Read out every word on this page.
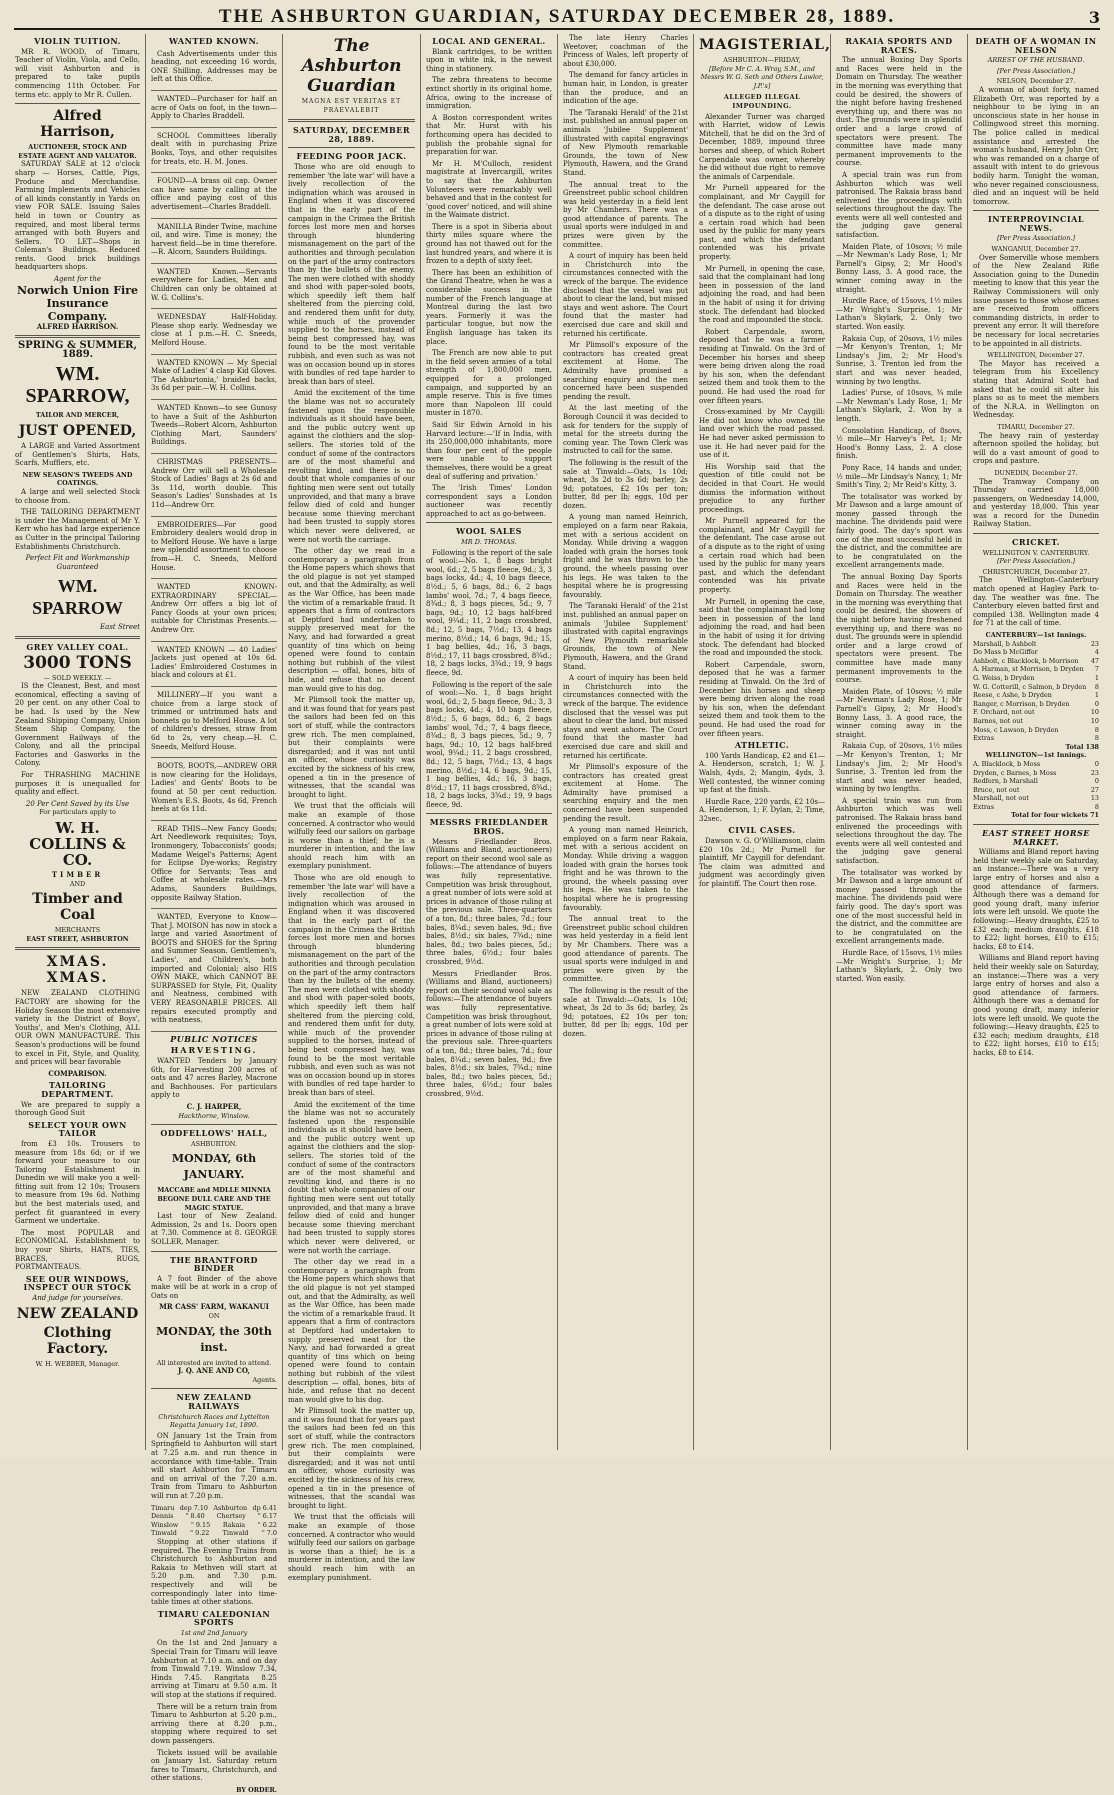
THE ASHBURTON GUARDIAN, SATURDAY DECEMBER 28, 1889.	3
VIOLIN TUITION.

MR R. WOOD, of Timaru, Teacher of Violin, Viola, and Cello, will visit Ashburton and is prepared to take pupils commencing 11th October. For terms etc. apply to Mr R. Cullen.

Alfred Harrison,
AUCTIONEER, STOCK AND ESTATE AGENT AND VALUATOR.

SATURDAY SALE at 12 o'clock sharp — Horses, Cattle, Pigs, Produce and Merchandise. Farming Implements and Vehicles of all kinds constantly in Yards on view FOR SALE. Issuing Sales held in town or Country as required, and most liberal terms arranged with both Buyers and Sellers. TO LET—Shops in Coleman's Buildings. Reduced rents. Good brick buildings headquarters shops.

Agent for the
Norwich Union Fire Insurance Company.
ALFRED HARRISON.
SPRING & SUMMER, 1889.
WM. SPARROW,
TAILOR AND MERCER,
JUST OPENED,

A LARGE and Varied Assortment of Gentlemen's Shirts, Hats, Scarfs, Mufflers, etc.

NEW SEASON'S TWEEDS AND COATINGS.

A large and well selected Stock to choose from.

THE TAILORING DEPARTMENT is under the Management of Mr Y. Kerr who has had large experience as Cutter in the principal Tailoring Establishments Christchurch.

Perfect Fit and Workmanship Guaranteed
WM. SPARROW
East Street
GREY VALLEY COAL.
3000 TONS
— SOLD WEEKLY. —

IS the Cleanest, Best, and most economical, effecting a saving of 20 per cent. on any other Coal to be had. Is used by the New Zealand Shipping Company, Union Steam Ship Company, the Government Railways of the Colony, and all the principal Factories and Gasworks in the Colony.

For THRASHING MACHINE purposes it is unequalled for quality and effect.

20 Per Cent Saved by its Use
For particulars apply to
W. H. COLLINS & CO.
TIMBER
AND
Timber and Coal
MERCHANTS
EAST STREET, ASHBURTON
XMAS. XMAS.

NEW ZEALAND CLOTHING FACTORY are showing for the Holiday Season the most extensive variety in the District of Boys', Youths', and Men's Clothing, ALL OUR OWN MANUFACTURE. This Season's productions will be found to excel in Fit, Style, and Quality, and prices will bear favorable

COMPARISON.
TAILORING DEPARTMENT.

We are prepared to supply a thorough Good Suit

SELECT YOUR OWN TAILOR

from £3 10s. Trousers to measure from 18s 6d; or if we forward your measure to our Tailoring Establishment in Dunedin we will make you a well-fitting suit from 12 10s; Trousers to measure from 19s 6d. Nothing but the best materials used, and perfect fit guaranteed in every Garment we undertake.

The most POPULAR and ECONOMICAL Establishment to buy your Shirts, HATS, TIES, BRACES, RUGS, PORTMANTEAUS.

SEE OUR WINDOWS, INSPECT OUR STOCK
And judge for yourselves.
NEW ZEALAND
Clothing Factory.
W. H. WEBBER, Manager.
WANTED KNOWN.

Cash Advertisements under this heading, not exceeding 16 words, ONE Shilling. Addresses may be left at this Office.

WANTED—Purchaser for half an acre of Oats on foot, in the town—Apply to Charles Braddell.

SCHOOL Committees liberally dealt with in purchasing Prize Books, Toys, and other requisites for treats, etc. H. M. Jones.

FOUND—A brass oil cap. Owner can have same by calling at the office and paying cost of this advertisement—Charles Braddell.

MANILLA Binder Twine, machine oil, and wire. Time is money; the harvest field—be in time therefore. —R. Alcorn, Saunders Buildings.

WANTED Known.—Servants everywhere for Ladies, Men and Children can only be obtained at W. G. Collins's.

WEDNESDAY Half-Holiday. Please shop early. Wednesday we close at 1 p.m.—H. C. Sneeds, Melford House.

WANTED KNOWN — My Special Make of Ladies' 4 clasp Kid Gloves. 'The Ashburtonia,' braided backs, 3s 6d per pair.—W. H. Collins.

WANTED Known—to see Gunosy to have a Suit of the Ashburton Tweeds—Robert Alcorn, Ashburton Clothing Mart, Saunders' Buildings.

CHRISTMAS PRESENTS—Andrew Orr will sell a Wholesale Stock of Ladies' Bags at 2s 6d and 3s 11d, worth double. This Season's Ladies' Sunshades at 1s 11d—Andrew Orr.

EMBROIDERIES—For good Embroidery dealers would drop in to Melford House. We have a large new splendid assortment to choose from—H. C. Sneeds, Melford House.

WANTED KNOWN-EXTRAORDINARY SPECIAL—Andrew Orr offers a big lot of Fancy Goods at your own prices; suitable for Christmas Presents.—Andrew Orr.

WANTED KNOWN — 40 Ladies' Jackets just opened at 10s 6d. Ladies' Embroidered Costumes in black and colours at £1.

MILLINERY—If you want a choice from a large stock of trimmed or untrimmed hats and bonnets go to Melford House. A lot of children's dresses, straw from 6d to 2s, very cheap.—H. C. Sneeds, Melford House.

BOOTS, BOOTS,—ANDREW ORR is now clearing for the Holidays, Ladies' and Gents' Boots to be found at 50 per cent reduction. Women's E.S. Boots, 4s 6d, French heels at 6s 11d.

READ THIS—New Fancy Goods; Art Needlework requisites; Toys, Ironmongery, Tobacconists' goods; Madame Weigel's Patterns; Agent for Eclipse Dye-works; Registry Office for Servants; Teas and Coffee at wholesale rates.—Mrs Adams, Saunders Buildings, opposite Railway Station.

WANTED, Everyone to Know—That J. MOISON has now in stock a large and varied Assortment of BOOTS and SHOES for the Spring and Summer Season. Gentlemen's, Ladies', and Children's, both imported and Colonial; also HIS OWN MAKE, which CANNOT BE SURPASSED for Style, Fit, Quality and Neatness, combined with VERY REASONABLE PRICES. All repairs executed promptly and with neatness.

PUBLIC NOTICES
HARVESTING.

WANTED Tenders by January 6th, for Harvesting 200 acres of oats and 47 acres Barley, Macrone and Bachhouses. For particulars apply to

C. J. HARPER,
Hackthorne, Winslow.
ODDFELLOWS' HALL,
ASHBURTON.
MONDAY, 6th JANUARY.
MACCABE and MDLLE MINNIA
BEGONE DULL CARE AND THE MAGIC STATUE.

Last tour of New Zealand. Admission, 2s and 1s. Doors open at 7.30. Commence at 8. GEORGE SOLLER, Manager.

THE BRANTFORD BINDER

A 7 foot Binder of the above make will be at work in a crop of Oats on

MR CASS' FARM, WAKANUI
ON
MONDAY, the 30th inst.
All interested are invited to attend.
J. Q. ANE AND CO,
Agents.
NEW ZEALAND RAILWAYS
Christchurch Races and Lyttelton Regatta January 1st, 1890.

ON January 1st the Train from Springfield to Ashburton will start at 7.25 a.m. and run thence in accordance with time-table. Train will start Ashburton for Timaru and on arrival of the 7.20 a.m. Train from Timaru to Ashburton will run at 7.20 p.m.

Timaru dep 7.10 Ashburton dp 6.41
Dennis " 8.40 Chertsey " 6.17
Winslow " 9.15 Rakaia " 6.22
Tinwald " 9.22 Tinwald " 7.0

Stopping at other stations if required. The Evening Trains from Christchurch to Ashburton and Rakaia to Methven will start at 5.20 p.m. and 7.30 p.m. respectively and will be correspondingly later into time-table times at other stations.

TIMARU CALEDONIAN SPORTS
1st and 2nd January

On the 1st and 2nd January a Special Train for Timaru will leave Ashburton at 7.10 a.m. and on day from Tinwald 7.19. Winslow 7.34, Hinds 7.45. Rangitata 8.25 arriving at Timaru at 9.50 a.m. It will stop at the stations if required.

There will be a return train from Timaru to Ashburton at 5.20 p.m., arriving there at 8.20 p.m., stopping where required to set down passengers.

Tickets issued will be available on January 1st. Saturday return fares to Timaru, Christchurch, and other stations.

BY ORDER.
The Ashburton Guardian
MAGNA EST VERITAS ET PRAEVALEBIT
SATURDAY, DECEMBER 28, 1889.
FEEDING POOR JACK.

Those who are old enough to remember 'the late war' will have a lively recollection of the indignation which was aroused in England when it was discovered that in the early part of the campaign in the Crimea the British forces lost more men and horses through blundering mismanagement on the part of the authorities and through peculation on the part of the army contractors than by the bullets of the enemy. The men were clothed with shoddy and shod with paper-soled boots, which speedily left them half sheltered from the piercing cold, and rendered them unfit for duty, while much of the provender supplied to the horses, instead of being best compressed hay, was found to be the most veritable rubbish, and even such as was not was on occasion bound up in stores with bundles of red tape harder to break than bars of steel.

Amid the excitement of the time the blame was not so accurately fastened upon the responsible individuals as it should have been, and the public outcry went up against the clothiers and the slop-sellers. The stories told of the conduct of some of the contractors are of the most shameful and revolting kind, and there is no doubt that whole companies of our fighting men were sent out totally unprovided, and that many a brave fellow died of cold and hunger because some thieving merchant had been trusted to supply stores which never were delivered, or were not worth the carriage.

The other day we read in a contemporary a paragraph from the Home papers which shows that the old plague is not yet stamped out, and that the Admiralty, as well as the War Office, has been made the victim of a remarkable fraud. It appears that a firm of contractors at Deptford had undertaken to supply preserved meat for the Navy, and had forwarded a great quantity of tins which on being opened were found to contain nothing but rubbish of the vilest description — offal, bones, bits of hide, and refuse that no decent man would give to his dog.

Mr Plimsoll took the matter up, and it was found that for years past the sailors had been fed on this sort of stuff, while the contractors grew rich. The men complained, but their complaints were disregarded; and it was not until an officer, whose curiosity was excited by the sickness of his crew, opened a tin in the presence of witnesses, that the scandal was brought to light.

We trust that the officials will make an example of those concerned. A contractor who would wilfully feed our sailors on garbage is worse than a thief; he is a murderer in intention, and the law should reach him with an exemplary punishment.

Those who are old enough to remember 'the late war' will have a lively recollection of the indignation which was aroused in England when it was discovered that in the early part of the campaign in the Crimea the British forces lost more men and horses through blundering mismanagement on the part of the authorities and through peculation on the part of the army contractors than by the bullets of the enemy. The men were clothed with shoddy and shod with paper-soled boots, which speedily left them half sheltered from the piercing cold, and rendered them unfit for duty, while much of the provender supplied to the horses, instead of being best compressed hay, was found to be the most veritable rubbish, and even such as was not was on occasion bound up in stores with bundles of red tape harder to break than bars of steel.

Amid the excitement of the time the blame was not so accurately fastened upon the responsible individuals as it should have been, and the public outcry went up against the clothiers and the slop-sellers. The stories told of the conduct of some of the contractors are of the most shameful and revolting kind, and there is no doubt that whole companies of our fighting men were sent out totally unprovided, and that many a brave fellow died of cold and hunger because some thieving merchant had been trusted to supply stores which never were delivered, or were not worth the carriage.

The other day we read in a contemporary a paragraph from the Home papers which shows that the old plague is not yet stamped out, and that the Admiralty, as well as the War Office, has been made the victim of a remarkable fraud. It appears that a firm of contractors at Deptford had undertaken to supply preserved meat for the Navy, and had forwarded a great quantity of tins which on being opened were found to contain nothing but rubbish of the vilest description — offal, bones, bits of hide, and refuse that no decent man would give to his dog.

Mr Plimsoll took the matter up, and it was found that for years past the sailors had been fed on this sort of stuff, while the contractors grew rich. The men complained, but their complaints were disregarded; and it was not until an officer, whose curiosity was excited by the sickness of his crew, opened a tin in the presence of witnesses, that the scandal was brought to light.

We trust that the officials will make an example of those concerned. A contractor who would wilfully feed our sailors on garbage is worse than a thief; he is a murderer in intention, and the law should reach him with an exemplary punishment.

LOCAL AND GENERAL.

Blank cartridges, to be written upon in white ink, is the newest thing in stationery.

The zebra threatens to become extinct shortly in its original home, Africa, owing to the increase of immigration.

A Boston correspondent writes that Mr. Hurst with his forthcoming opera has decided to publish the probable signal for preparation for war.

Mr H. M'Culloch, resident magistrate at Invercargill, writes to say that the Ashburton Volunteers were remarkably well behaved and that in the contest for 'good cover' noticed, and will shine in the Waimate district.

There is a spot in Siberia about thirty miles square where the ground has not thawed out for the last hundred years, and where it is frozen to a depth of sixty feet.

There has been an exhibition of the Grand Theatre, when he was a considerable success in the number of the French language at Montreal during the last two years. Formerly it was the particular tongue, but now the English language has taken its place.

The French are now able to put in the field seven armies of a total strength of 1,800,000 men, equipped for a prolonged campaign, and supported by an ample reserve. This is five times more than Napoleon III could muster in 1870.

Said Sir Edwin Arnold in his Harvard lecture:—'If in India, with its 250,000,000 inhabitants, more than four per cent of the people were unable to support themselves, there would be a great deal of suffering and privation.'

The 'Irish Times' London correspondent says a London auctioneer was recently approached to act as go-between.

WOOL SALES
MR D. THOMAS.

Following is the report of the sale of wool:—No. 1, 8 bags bright wool, 6d.; 2, 5 bags fleece, 9d.; 3, 3 bags locks, 4d.; 4, 10 bags fleece, 8½d.; 5, 6 bags, 8d.; 6, 2 bags lambs' wool, 7d.; 7, 4 bags fleece, 8¾d.; 8, 3 bags pieces, 5d.; 9, 7 bags, 9d.; 10, 12 bags half-bred wool, 9¼d.; 11, 2 bags crossbred, 8d.; 12, 5 bags, 7½d.; 13, 4 bags merino, 8½d.; 14, 6 bags, 9d.; 15, 1 bag bellies, 4d.; 16, 3 bags, 8½d.; 17, 11 bags crossbred, 8¾d.; 18, 2 bags locks, 3¾d.; 19, 9 bags fleece, 9d.

Following is the report of the sale of wool:—No. 1, 8 bags bright wool, 6d.; 2, 5 bags fleece, 9d.; 3, 3 bags locks, 4d.; 4, 10 bags fleece, 8½d.; 5, 6 bags, 8d.; 6, 2 bags lambs' wool, 7d.; 7, 4 bags fleece, 8¾d.; 8, 3 bags pieces, 5d.; 9, 7 bags, 9d.; 10, 12 bags half-bred wool, 9¼d.; 11, 2 bags crossbred, 8d.; 12, 5 bags, 7½d.; 13, 4 bags merino, 8½d.; 14, 6 bags, 9d.; 15, 1 bag bellies, 4d.; 16, 3 bags, 8½d.; 17, 11 bags crossbred, 8¾d.; 18, 2 bags locks, 3¾d.; 19, 9 bags fleece, 9d.

MESSRS FRIEDLANDER BROS.

Messrs Friedlander Bros. (Williams and Bland, auctioneers) report on their second wool sale as follows:—The attendance of buyers was fully representative. Competition was brisk throughout, a great number of lots were sold at prices in advance of those ruling at the previous sale. Three-quarters of a ton, 8d.; three bales, 7d.; four bales, 8¼d.; seven bales, 9d.; five bales, 8½d.; six bales, 7¾d.; nine bales, 8d.; two bales pieces, 5d.; three bales, 6½d.; four bales crossbred, 9½d.

Messrs Friedlander Bros. (Williams and Bland, auctioneers) report on their second wool sale as follows:—The attendance of buyers was fully representative. Competition was brisk throughout, a great number of lots were sold at prices in advance of those ruling at the previous sale. Three-quarters of a ton, 8d.; three bales, 7d.; four bales, 8¼d.; seven bales, 9d.; five bales, 8½d.; six bales, 7¾d.; nine bales, 8d.; two bales pieces, 5d.; three bales, 6½d.; four bales crossbred, 9½d.

The late Henry Charles Weetover, coachman of the Princess of Wales, left property of about £30,000.

The demand for fancy articles in human hair, in London, is greater than the produce, and an indication of the age.

The 'Taranaki Herald' of the 21st inst. published an annual paper on animals 'Jubilee Supplement' illustrated with capital engravings of New Plymouth remarkable Grounds, the town of New Plymouth, Hawera, and the Grand Stand.

The annual treat to the Greenstreet public school children was held yesterday in a field lent by Mr Chambers. There was a good attendance of parents. The usual sports were indulged in and prizes were given by the committee.

A court of inquiry has been held in Christchurch into the circumstances connected with the wreck of the barque. The evidence disclosed that the vessel was put about to clear the land, but missed stays and went ashore. The Court found that the master had exercised due care and skill and returned his certificate.

Mr Plimsoll's exposure of the contractors has created great excitement at Home. The Admiralty have promised a searching enquiry and the men concerned have been suspended pending the result.

At the last meeting of the Borough Council it was decided to ask for tenders for the supply of metal for the streets during the coming year. The Town Clerk was instructed to call for the same.

The following is the result of the sale at Tinwald:—Oats, 1s 10d; wheat, 3s 2d to 3s 6d; barley, 2s 9d; potatoes, £2 10s per ton; butter, 8d per lb; eggs, 10d per dozen.

A young man named Heinrich, employed on a farm near Rakaia, met with a serious accident on Monday. While driving a waggon loaded with grain the horses took fright and he was thrown to the ground, the wheels passing over his legs. He was taken to the hospital where he is progressing favourably.

The 'Taranaki Herald' of the 21st inst. published an annual paper on animals 'Jubilee Supplement' illustrated with capital engravings of New Plymouth remarkable Grounds, the town of New Plymouth, Hawera, and the Grand Stand.

A court of inquiry has been held in Christchurch into the circumstances connected with the wreck of the barque. The evidence disclosed that the vessel was put about to clear the land, but missed stays and went ashore. The Court found that the master had exercised due care and skill and returned his certificate.

Mr Plimsoll's exposure of the contractors has created great excitement at Home. The Admiralty have promised a searching enquiry and the men concerned have been suspended pending the result.

A young man named Heinrich, employed on a farm near Rakaia, met with a serious accident on Monday. While driving a waggon loaded with grain the horses took fright and he was thrown to the ground, the wheels passing over his legs. He was taken to the hospital where he is progressing favourably.

The annual treat to the Greenstreet public school children was held yesterday in a field lent by Mr Chambers. There was a good attendance of parents. The usual sports were indulged in and prizes were given by the committee.

The following is the result of the sale at Tinwald:—Oats, 1s 10d; wheat, 3s 2d to 3s 6d; barley, 2s 9d; potatoes, £2 10s per ton; butter, 8d per lb; eggs, 10d per dozen.

MAGISTERIAL,
ASHBURTON—FRIDAY,
[Before Mr C. A. Wray, S.M., and Messrs W. G. Seth and Others Lawlor, J.P.'s]
ALLEGED ILLEGAL IMPOUNDING.

Alexander Turner was charged with Harriet, widow of Lewis Mitchell, that he did on the 3rd of December, 1889, impound three horses and sheep, of which Robert Carpendale was owner, whereby he did without due right to remove the animals of Carpendale.

Mr Purnell appeared for the complainant, and Mr Caygill for the defendant. The case arose out of a dispute as to the right of using a certain road which had been used by the public for many years past, and which the defendant contended was his private property.

Mr Purnell, in opening the case, said that the complainant had long been in possession of the land adjoining the road, and had been in the habit of using it for driving stock. The defendant had blocked the road and impounded the stock.

Robert Carpendale, sworn, deposed that he was a farmer residing at Tinwald. On the 3rd of December his horses and sheep were being driven along the road by his son, when the defendant seized them and took them to the pound. He had used the road for over fifteen years.

Cross-examined by Mr Caygill: He did not know who owned the land over which the road passed. He had never asked permission to use it. He had never paid for the use of it.

His Worship said that the question of title could not be decided in that Court. He would dismiss the information without prejudice to any further proceedings.

Mr Purnell appeared for the complainant, and Mr Caygill for the defendant. The case arose out of a dispute as to the right of using a certain road which had been used by the public for many years past, and which the defendant contended was his private property.

Mr Purnell, in opening the case, said that the complainant had long been in possession of the land adjoining the road, and had been in the habit of using it for driving stock. The defendant had blocked the road and impounded the stock.

Robert Carpendale, sworn, deposed that he was a farmer residing at Tinwald. On the 3rd of December his horses and sheep were being driven along the road by his son, when the defendant seized them and took them to the pound. He had used the road for over fifteen years.

ATHLETIC.

100 Yards Handicap, £2 and £1—A. Henderson, scratch, 1; W. J. Walsh, 4yds, 2; Mangin, 4yds, 3. Well contested, the winner coming up fast at the finish.

Hurdle Race, 220 yards, £2 10s—A. Henderson, 1; F. Dylan, 2; Time, 32sec.

CIVIL CASES.

Dawson v. G. O'Williamson, claim £20 10s 2d.; Mr Purnell for plaintiff, Mr Caygill for defendant. The claim was admitted and judgment was accordingly given for plaintiff. The Court then rose.

RAKAIA SPORTS AND RACES.

The annual Boxing Day Sports and Races were held in the Domain on Thursday. The weather in the morning was everything that could be desired, the showers of the night before having freshened everything up, and there was no dust. The grounds were in splendid order and a large crowd of spectators were present. The committee have made many permanent improvements to the course.

A special train was run from Ashburton which was well patronised. The Rakaia brass band enlivened the proceedings with selections throughout the day. The events were all well contested and the judging gave general satisfaction.

Maiden Plate, of 10sovs; ½ mile—Mr Newman's Lady Rose, 1; Mr Parnell's Gipsy, 2; Mr Hood's Bonny Lass, 3. A good race, the winner coming away in the straight.

Hurdle Race, of 15sovs, 1½ miles—Mr Wright's Surprise, 1; Mr Lathan's Skylark, 2. Only two started. Won easily.

Rakaia Cup, of 20sovs, 1½ miles—Mr Kenyon's Trenton, 1; Mr Lindsay's Jim, 2; Mr Hood's Sunrise, 3. Trenton led from the start and was never headed, winning by two lengths.

Ladies' Purse, of 10sovs, ¾ mile—Mr Newman's Lady Rose, 1; Mr Lathan's Skylark, 2. Won by a length.

Consolation Handicap, of 8sovs, ½ mile—Mr Harvey's Pet, 1; Mr Hood's Bonny Lass, 2. A close finish.

Pony Race, 14 hands and under, ½ mile—Mr Lindsay's Nancy, 1; Mr Smith's Tiny, 2; Mr Reid's Kitty, 3.

The totalisator was worked by Mr Dawson and a large amount of money passed through the machine. The dividends paid were fairly good. The day's sport was one of the most successful held in the district, and the committee are to be congratulated on the excellent arrangements made.

The annual Boxing Day Sports and Races were held in the Domain on Thursday. The weather in the morning was everything that could be desired, the showers of the night before having freshened everything up, and there was no dust. The grounds were in splendid order and a large crowd of spectators were present. The committee have made many permanent improvements to the course.

Maiden Plate, of 10sovs; ½ mile—Mr Newman's Lady Rose, 1; Mr Parnell's Gipsy, 2; Mr Hood's Bonny Lass, 3. A good race, the winner coming away in the straight.

Rakaia Cup, of 20sovs, 1½ miles—Mr Kenyon's Trenton, 1; Mr Lindsay's Jim, 2; Mr Hood's Sunrise, 3. Trenton led from the start and was never headed, winning by two lengths.

A special train was run from Ashburton which was well patronised. The Rakaia brass band enlivened the proceedings with selections throughout the day. The events were all well contested and the judging gave general satisfaction.

The totalisator was worked by Mr Dawson and a large amount of money passed through the machine. The dividends paid were fairly good. The day's sport was one of the most successful held in the district, and the committee are to be congratulated on the excellent arrangements made.

Hurdle Race, of 15sovs, 1½ miles—Mr Wright's Surprise, 1; Mr Lathan's Skylark, 2. Only two started. Won easily.

DEATH OF A WOMAN IN NELSON
ARREST OF THE HUSBAND.
[Per Press Association.]
NELSON, December 27.

A woman of about forty, named Elizabeth Orr, was reported by a neighbour to be lying in an unconscious state in her house in Collingwood street this morning. The police called in medical assistance and arrested the woman's husband, Henry John Orr, who was remanded on a charge of assault with intent to do grievous bodily harm. Tonight the woman, who never regained consciousness, died and an inquest will be held tomorrow.

INTERPROVINCIAL NEWS.
[Per Press Association.]
WANGANUI, December 27.

Over Somerville whose members of the New Zealand Rifle Association going to the Dunedin meeting to know that this year the Railway Commissioners will only issue passes to those whose names are received from officers commanding districts, in order to prevent any error. It will therefore be necessary for local secretaries to be appointed in all districts.

WELLINGTON, December 27.

The Mayor has received a telegram from his Excellency stating that Admiral Scott had asked that he could sit alter his plans so as to meet the members of the N.R.A. in Wellington on Wednesday.

TIMARU, December 27.

The heavy rain of yesterday afternoon spoiled the holiday, but will do a vast amount of good to crops and pasture.

DUNEDIN, December 27.

The Tramway Company on Thursday carried 18,000 passengers, on Wednesday 14,000, and yesterday 18,000. This year was a record for the Dunedin Railway Station.

CRICKET.
WELLINGTON V. CANTERBURY.
[Per Press Association.]
CHRISTCHURCH, December 27.

The Wellington–Canterbury match opened at Hagley Park to-day. The weather was fine. The Canterbury eleven batted first and compiled 138. Wellington made 4 for 71 at the call of time.

CANTERBURY—1st Innings.
Marshall, b Ashbolt	23
Do Mass b McGiffer	4
Ashbolt, c Blacklock, b Morrison 47
A. Harman, st Morrison, b Dryden 7
G. Weiss, b Dryden	1
W. G. Cotterill, c Salmon, b Dryden 8
Reese, c Ashe, b Dryden	1
Ranger, c Morrison, b Dryden	0
F. Orchard, not out	10
Barnes, not out	10
Moss, c Lawson, b Dryden	8
Extras	8
Total 138
WELLINGTON—1st Innings.
A. Blacklock, b Moss	0
Dryden, c Barnes, b Moss	23
Redfern, b Marshall	0
Bruce, not out	27
Marshall, not out	13
Extras	8
Total for four wickets 71
EAST STREET HORSE MARKET.

Williams and Bland report having held their weekly sale on Saturday, an instance:—There was a very large entry of horses and also a good attendance of farmers. Although there was a demand for good young draft, many inferior lots were left unsold. We quote the following:—Heavy draughts, £25 to £32 each; medium draughts, £18 to £22; light horses, £10 to £15; hacks, £8 to £14.

Williams and Bland report having held their weekly sale on Saturday, an instance:—There was a very large entry of horses and also a good attendance of farmers. Although there was a demand for good young draft, many inferior lots were left unsold. We quote the following:—Heavy draughts, £25 to £32 each; medium draughts, £18 to £22; light horses, £10 to £15; hacks, £8 to £14.
